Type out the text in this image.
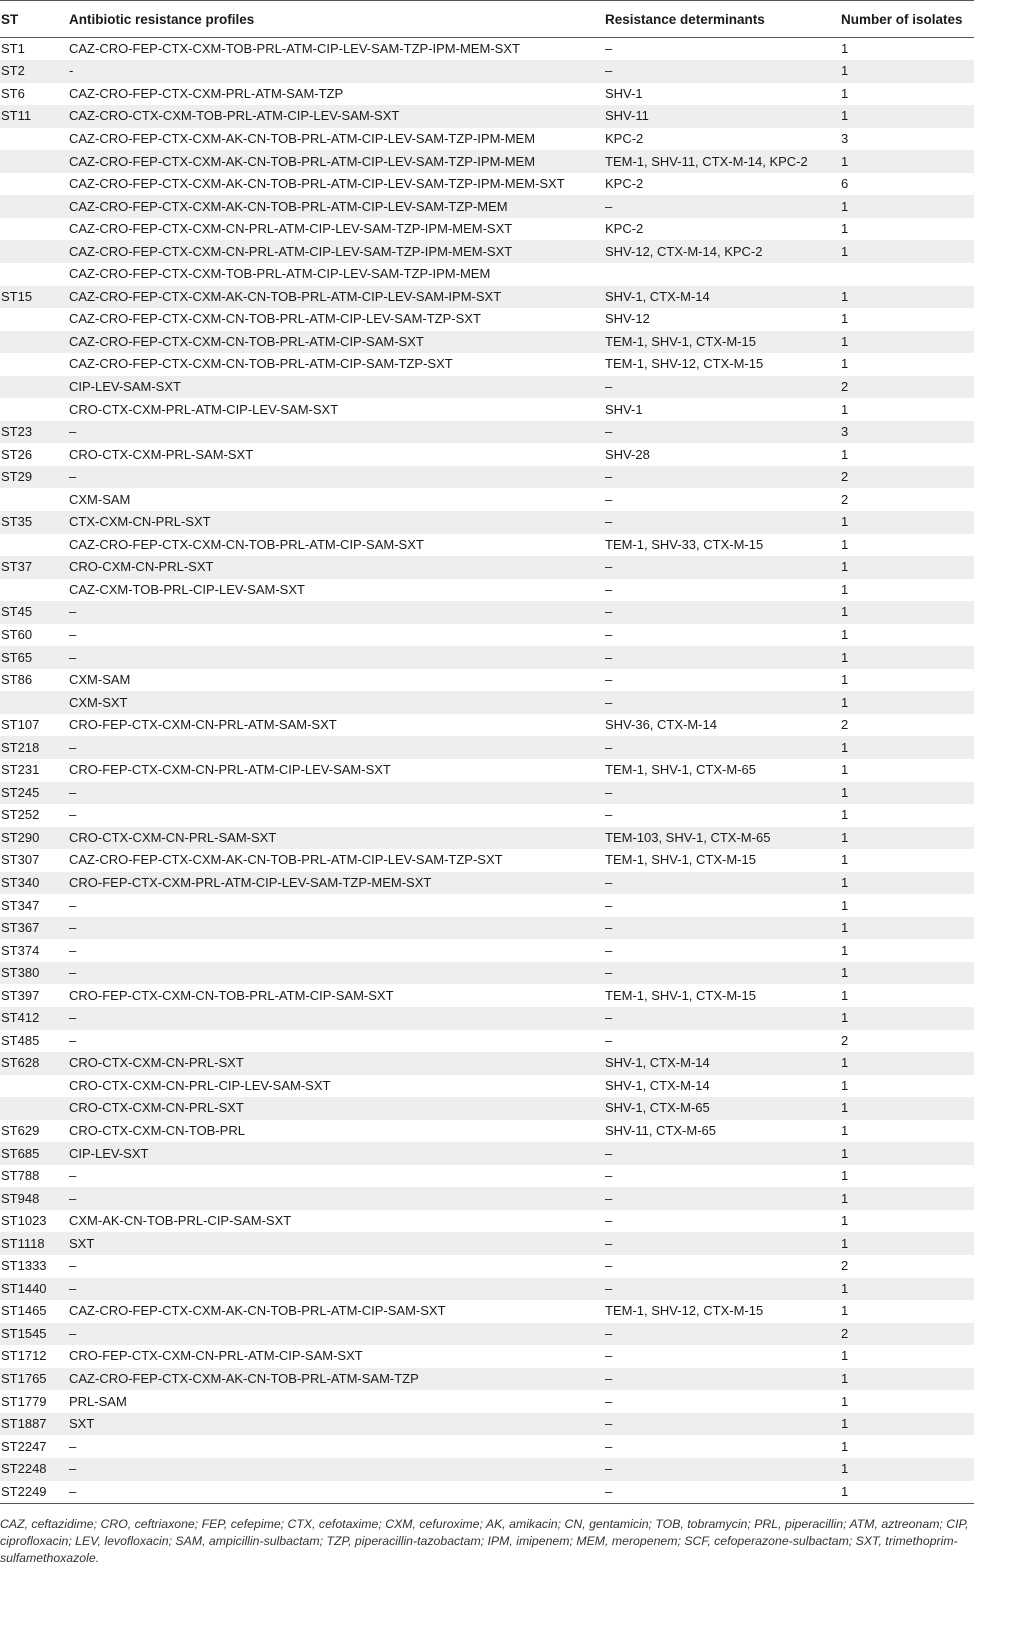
ST	Antibiotic resistance profiles	Resistance determinants	Number of isolates
ST1	CAZ-CRO-FEP-CTX-CXM-TOB-PRL-ATM-CIP-LEV-SAM-TZP-IPM-MEM-SXT	–	1
ST2	-	–	1
ST6	CAZ-CRO-FEP-CTX-CXM-PRL-ATM-SAM-TZP	SHV-1	1
ST11	CAZ-CRO-CTX-CXM-TOB-PRL-ATM-CIP-LEV-SAM-SXT	SHV-11	1
	CAZ-CRO-FEP-CTX-CXM-AK-CN-TOB-PRL-ATM-CIP-LEV-SAM-TZP-IPM-MEM	KPC-2	3
	CAZ-CRO-FEP-CTX-CXM-AK-CN-TOB-PRL-ATM-CIP-LEV-SAM-TZP-IPM-MEM	TEM-1, SHV-11, CTX-M-14, KPC-2	1
	CAZ-CRO-FEP-CTX-CXM-AK-CN-TOB-PRL-ATM-CIP-LEV-SAM-TZP-IPM-MEM-SXT	KPC-2	6
	CAZ-CRO-FEP-CTX-CXM-AK-CN-TOB-PRL-ATM-CIP-LEV-SAM-TZP-MEM	–	1
	CAZ-CRO-FEP-CTX-CXM-CN-PRL-ATM-CIP-LEV-SAM-TZP-IPM-MEM-SXT	KPC-2	1
	CAZ-CRO-FEP-CTX-CXM-CN-PRL-ATM-CIP-LEV-SAM-TZP-IPM-MEM-SXT	SHV-12, CTX-M-14, KPC-2	1
	CAZ-CRO-FEP-CTX-CXM-TOB-PRL-ATM-CIP-LEV-SAM-TZP-IPM-MEM		
ST15	CAZ-CRO-FEP-CTX-CXM-AK-CN-TOB-PRL-ATM-CIP-LEV-SAM-IPM-SXT	SHV-1, CTX-M-14	1
	CAZ-CRO-FEP-CTX-CXM-CN-TOB-PRL-ATM-CIP-LEV-SAM-TZP-SXT	SHV-12	1
	CAZ-CRO-FEP-CTX-CXM-CN-TOB-PRL-ATM-CIP-SAM-SXT	TEM-1, SHV-1, CTX-M-15	1
	CAZ-CRO-FEP-CTX-CXM-CN-TOB-PRL-ATM-CIP-SAM-TZP-SXT	TEM-1, SHV-12, CTX-M-15	1
	CIP-LEV-SAM-SXT	–	2
	CRO-CTX-CXM-PRL-ATM-CIP-LEV-SAM-SXT	SHV-1	1
ST23	–	–	3
ST26	CRO-CTX-CXM-PRL-SAM-SXT	SHV-28	1
ST29	–	–	2
	CXM-SAM	–	2
ST35	CTX-CXM-CN-PRL-SXT	–	1
	CAZ-CRO-FEP-CTX-CXM-CN-TOB-PRL-ATM-CIP-SAM-SXT	TEM-1, SHV-33, CTX-M-15	1
ST37	CRO-CXM-CN-PRL-SXT	–	1
	CAZ-CXM-TOB-PRL-CIP-LEV-SAM-SXT	–	1
ST45	–	–	1
ST60	–	–	1
ST65	–	–	1
ST86	CXM-SAM	–	1
	CXM-SXT	–	1
ST107	CRO-FEP-CTX-CXM-CN-PRL-ATM-SAM-SXT	SHV-36, CTX-M-14	2
ST218	–	–	1
ST231	CRO-FEP-CTX-CXM-CN-PRL-ATM-CIP-LEV-SAM-SXT	TEM-1, SHV-1, CTX-M-65	1
ST245	–	–	1
ST252	–	–	1
ST290	CRO-CTX-CXM-CN-PRL-SAM-SXT	TEM-103, SHV-1, CTX-M-65	1
ST307	CAZ-CRO-FEP-CTX-CXM-AK-CN-TOB-PRL-ATM-CIP-LEV-SAM-TZP-SXT	TEM-1, SHV-1, CTX-M-15	1
ST340	CRO-FEP-CTX-CXM-PRL-ATM-CIP-LEV-SAM-TZP-MEM-SXT	–	1
ST347	–	–	1
ST367	–	–	1
ST374	–	–	1
ST380	–	–	1
ST397	CRO-FEP-CTX-CXM-CN-TOB-PRL-ATM-CIP-SAM-SXT	TEM-1, SHV-1, CTX-M-15	1
ST412	–	–	1
ST485	–	–	2
ST628	CRO-CTX-CXM-CN-PRL-SXT	SHV-1, CTX-M-14	1
	CRO-CTX-CXM-CN-PRL-CIP-LEV-SAM-SXT	SHV-1, CTX-M-14	1
	CRO-CTX-CXM-CN-PRL-SXT	SHV-1, CTX-M-65	1
ST629	CRO-CTX-CXM-CN-TOB-PRL	SHV-11, CTX-M-65	1
ST685	CIP-LEV-SXT	–	1
ST788	–	–	1
ST948	–	–	1
ST1023	CXM-AK-CN-TOB-PRL-CIP-SAM-SXT	–	1
ST1118	SXT	–	1
ST1333	–	–	2
ST1440	–	–	1
ST1465	CAZ-CRO-FEP-CTX-CXM-AK-CN-TOB-PRL-ATM-CIP-SAM-SXT	TEM-1, SHV-12, CTX-M-15	1
ST1545	–	–	2
ST1712	CRO-FEP-CTX-CXM-CN-PRL-ATM-CIP-SAM-SXT	–	1
ST1765	CAZ-CRO-FEP-CTX-CXM-AK-CN-TOB-PRL-ATM-SAM-TZP	–	1
ST1779	PRL-SAM	–	1
ST1887	SXT	–	1
ST2247	–	–	1
ST2248	–	–	1
ST2249	–	–	1

CAZ, ceftazidime; CRO, ceftriaxone; FEP, cefepime; CTX, cefotaxime; CXM, cefuroxime; AK, amikacin; CN, gentamicin; TOB, tobramycin; PRL, piperacillin; ATM, aztreonam; CIP, ciprofloxacin; LEV, levofloxacin; SAM, ampicillin-sulbactam; TZP, piperacillin-tazobactam; IPM, imipenem; MEM, meropenem; SCF, cefoperazone-sulbactam; SXT, trimethoprim-sulfamethoxazole.
